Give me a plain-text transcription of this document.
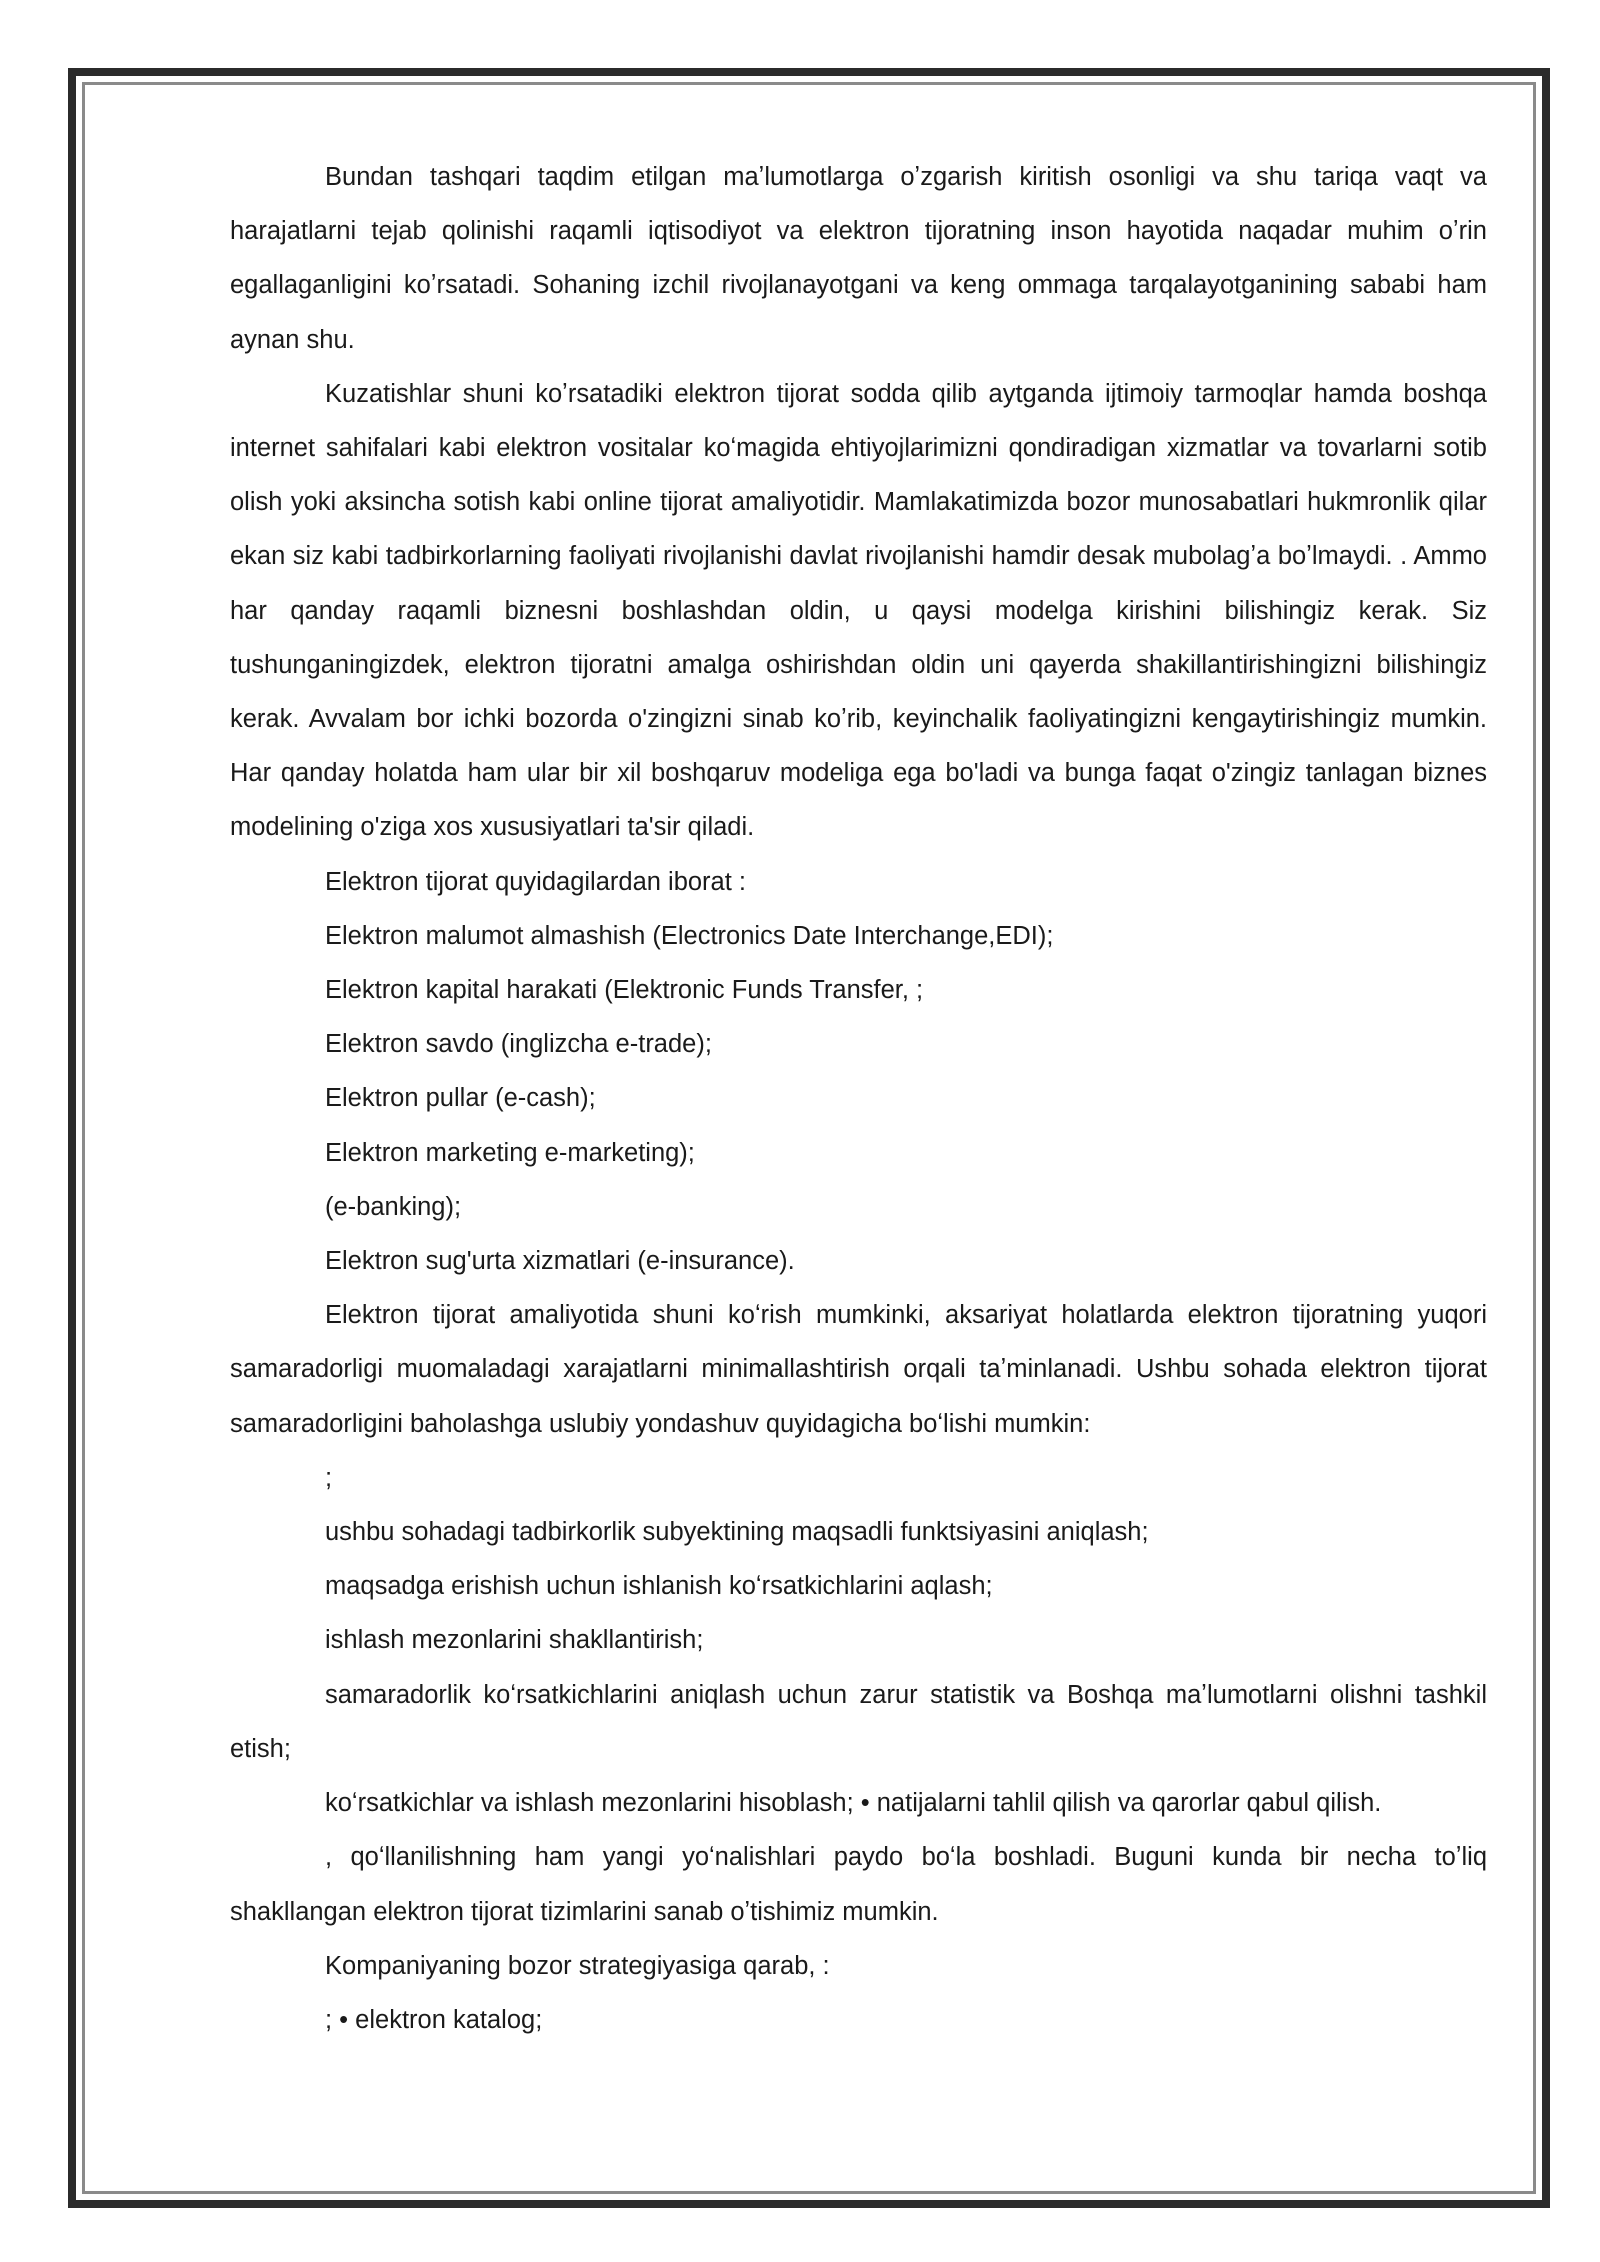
Bundan tashqari taqdim etilgan maʼlumotlarga oʼzgarish kiritish osonligi va shu tariqa vaqt va harajatlarni tejab qolinishi raqamli iqtisodiyot va elektron tijoratning inson hayotida naqadar muhim oʼrin egallaganligini koʼrsatadi. Sohaning izchil rivojlanayotgani va keng ommaga tarqalayotganining sababi ham aynan shu.

Kuzatishlar shuni koʼrsatadiki elektron tijorat sodda qilib aytganda ijtimoiy tarmoqlar hamda boshqa internet sahifalari kabi elektron vositalar koʻmagida ehtiyojlarimizni qondiradigan xizmatlar va tovarlarni sotib olish yoki aksincha sotish kabi online tijorat amaliyotidir. Mamlakatimizda bozor munosabatlari hukmronlik qilar ekan siz kabi tadbirkorlarning faoliyati rivojlanishi davlat rivojlanishi hamdir desak mubolagʼa boʼlmaydi. . Ammo har qanday raqamli biznesni boshlashdan oldin, u qaysi modelga kirishini bilishingiz kerak. Siz tushunganingizdek, elektron tijoratni amalga oshirishdan oldin uni qayerda shakillantirishingizni bilishingiz kerak. Avvalam bor ichki bozorda o'zingizni sinab koʼrib, keyinchalik faoliyatingizni kengaytirishingiz mumkin. Har qanday holatda ham ular bir xil boshqaruv modeliga ega bo'ladi va bunga faqat o'zingiz tanlagan biznes modelining o'ziga xos xususiyatlari ta'sir qiladi.

Elektron tijorat quyidagilardan iborat :

Elektron malumot almashish (Electronics Date Interchange,EDI);

Elektron kapital harakati (Elektronic Funds Transfer, ;

Elektron savdo (inglizcha e-trade);

Elektron pullar (e-cash);

Elektron marketing e-marketing);

(e-banking);

Elektron sug'urta xizmatlari (e-insurance).

Elektron tijorat amaliyotida shuni koʻrish mumkinki, aksariyat holatlarda elektron tijoratning yuqori samaradorligi muomaladagi xarajatlarni minimallashtirish orqali taʼminlanadi. Ushbu sohada elektron tijorat samaradorligini baholashga uslubiy yondashuv quyidagicha boʻlishi mumkin:

;

ushbu sohadagi tadbirkorlik subyektining maqsadli funktsiyasini aniqlash;

maqsadga erishish uchun ishlanish koʻrsatkichlarini aqlash;

ishlash mezonlarini shakllantirish;

samaradorlik koʻrsatkichlarini aniqlash uchun zarur statistik va Boshqa maʼlumotlarni olishni tashkil etish;

koʻrsatkichlar va ishlash mezonlarini hisoblash; • natijalarni tahlil qilish va qarorlar qabul qilish.

, qoʻllanilishning ham yangi yoʻnalishlari paydo boʻla boshladi. Buguni kunda bir necha toʼliq shakllangan elektron tijorat tizimlarini sanab oʼtishimiz mumkin.

Kompaniyaning bozor strategiyasiga qarab, :

; • elektron katalog;
